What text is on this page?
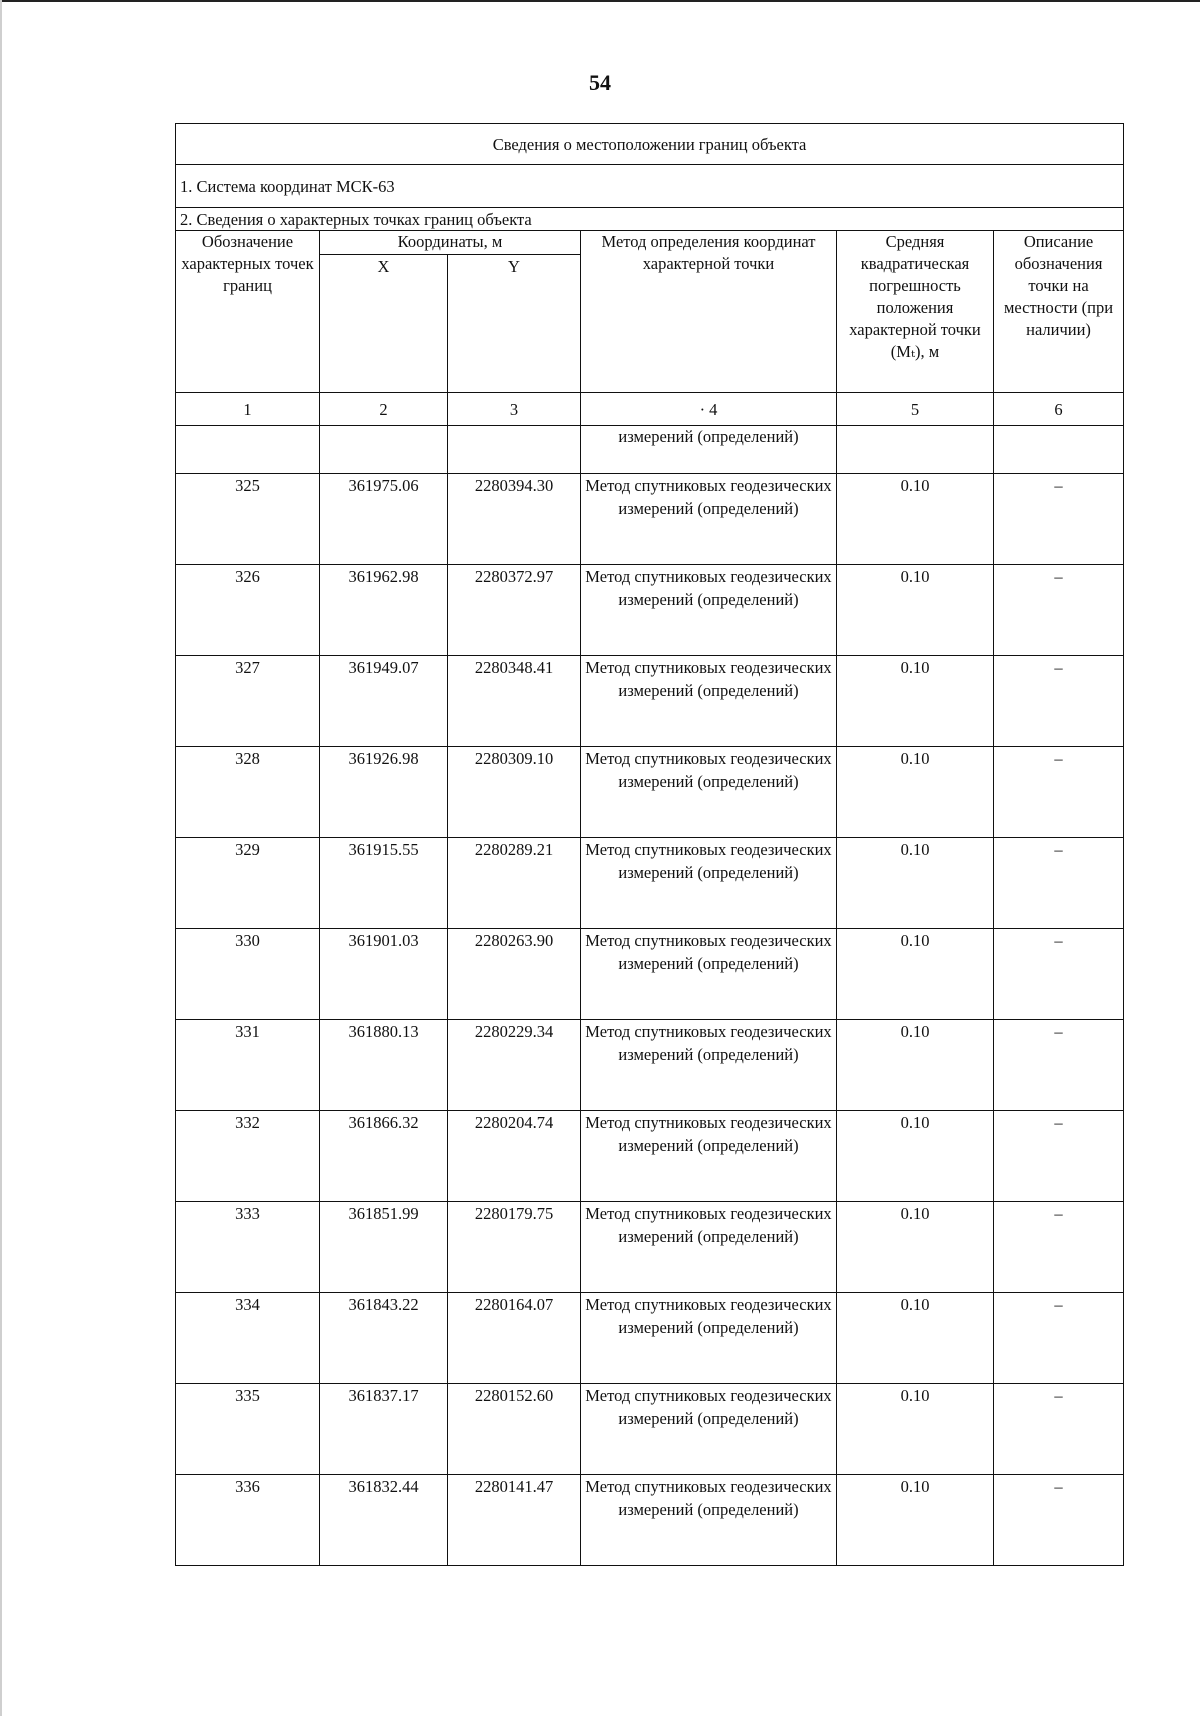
54
Сведения о местоположении границ объекта					
1. Система координат МСК-63					
2. Сведения о характерных точках границ объекта					
Обозначение характерных точек границ	Координаты, м		Метод определения координат характерной точки	Средняя квадратическая погрешность положения характерной точки (Mₜ), м	Описание обозначения точки на местности (при наличии)
	X	Y			
1	2	3	· 4	5	6
			измерений (определений)		
325	361975.06	2280394.30	Метод спутниковых геодезических измерений (определений)	0.10	–
326	361962.98	2280372.97	Метод спутниковых геодезических измерений (определений)	0.10	–
327	361949.07	2280348.41	Метод спутниковых геодезических измерений (определений)	0.10	–
328	361926.98	2280309.10	Метод спутниковых геодезических измерений (определений)	0.10	–
329	361915.55	2280289.21	Метод спутниковых геодезических измерений (определений)	0.10	–
330	361901.03	2280263.90	Метод спутниковых геодезических измерений (определений)	0.10	–
331	361880.13	2280229.34	Метод спутниковых геодезических измерений (определений)	0.10	–
332	361866.32	2280204.74	Метод спутниковых геодезических измерений (определений)	0.10	–
333	361851.99	2280179.75	Метод спутниковых геодезических измерений (определений)	0.10	–
334	361843.22	2280164.07	Метод спутниковых геодезических измерений (определений)	0.10	–
335	361837.17	2280152.60	Метод спутниковых геодезических измерений (определений)	0.10	–
336	361832.44	2280141.47	Метод спутниковых геодезических измерений (определений)	0.10	–
